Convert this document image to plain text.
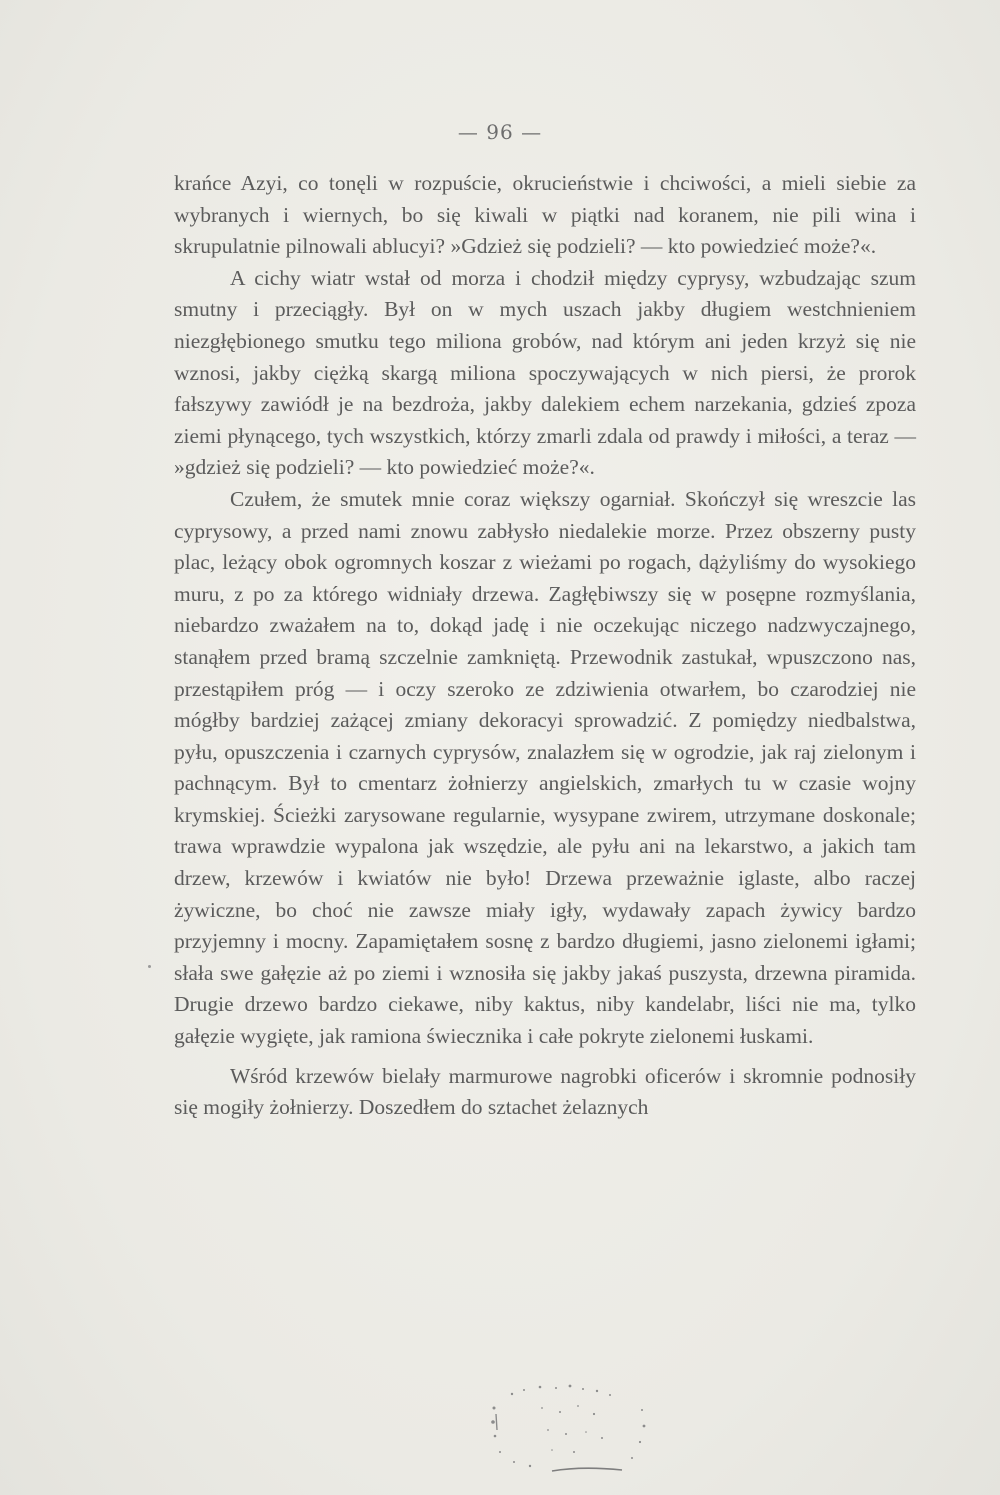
— 96 —

krańce Azyi, co tonęli w rozpuście, okrucieństwie i chciwości, a mieli siebie za wybranych i wiernych, bo się kiwali w piątki nad koranem, nie pili wina i skrupulatnie pilnowali ablucyi? »Gdzież się podzieli? — kto powiedzieć może?«.

A cichy wiatr wstał od morza i chodził między cyprysy, wzbudzając szum smutny i przeciągły. Był on w mych uszach jakby długiem westchnieniem niezgłębionego smutku tego miliona grobów, nad którym ani jeden krzyż się nie wznosi, jakby ciężką skargą miliona spoczywających w nich piersi, że prorok fałszywy zawiódł je na bezdroża, jakby dalekiem echem narzekania, gdzieś zpoza ziemi płynącego, tych wszystkich, którzy zmarli zdala od prawdy i miłości, a teraz — »gdzież się podzieli? — kto powiedzieć może?«.

Czułem, że smutek mnie coraz większy ogarniał. Skończył się wreszcie las cyprysowy, a przed nami znowu zabłysło niedalekie morze. Przez obszerny pusty plac, leżący obok ogromnych koszar z wieżami po rogach, dążyliśmy do wysokiego muru, z po za którego widniały drzewa. Zagłębiwszy się w posępne rozmyślania, niebardzo zważałem na to, dokąd jadę i nie oczekując niczego nadzwyczajnego, stanąłem przed bramą szczelnie zamkniętą. Przewodnik zastukał, wpuszczono nas, przestąpiłem próg — i oczy szeroko ze zdziwienia otwarłem, bo czarodziej nie mógłby bardziej zażącej zmiany dekoracyi sprowadzić. Z pomiędzy niedbalstwa, pyłu, opuszczenia i czarnych cyprysów, znalazłem się w ogrodzie, jak raj zielonym i pachnącym. Był to cmentarz żołnierzy angielskich, zmarłych tu w czasie wojny krymskiej. Ścieżki zarysowane regularnie, wysypane zwirem, utrzymane doskonale; trawa wprawdzie wypalona jak wszędzie, ale pyłu ani na lekarstwo, a jakich tam drzew, krzewów i kwiatów nie było! Drzewa przeważnie iglaste, albo raczej żywiczne, bo choć nie zawsze miały igły, wydawały zapach żywicy bardzo przyjemny i mocny. Zapamiętałem sosnę z bardzo długiemi, jasno zielonemi igłami; słała swe gałęzie aż po ziemi i wznosiła się jakby jakaś puszysta, drzewna piramida. Drugie drzewo bardzo ciekawe, niby kaktus, niby kandelabr, liści nie ma, tylko gałęzie wygięte, jak ramiona świecznika i całe pokryte zielonemi łuskami.

Wśród krzewów bielały marmurowe nagrobki oficerów i skromnie podnosiły się mogiły żołnierzy. Doszedłem do sztachet żelaznych
